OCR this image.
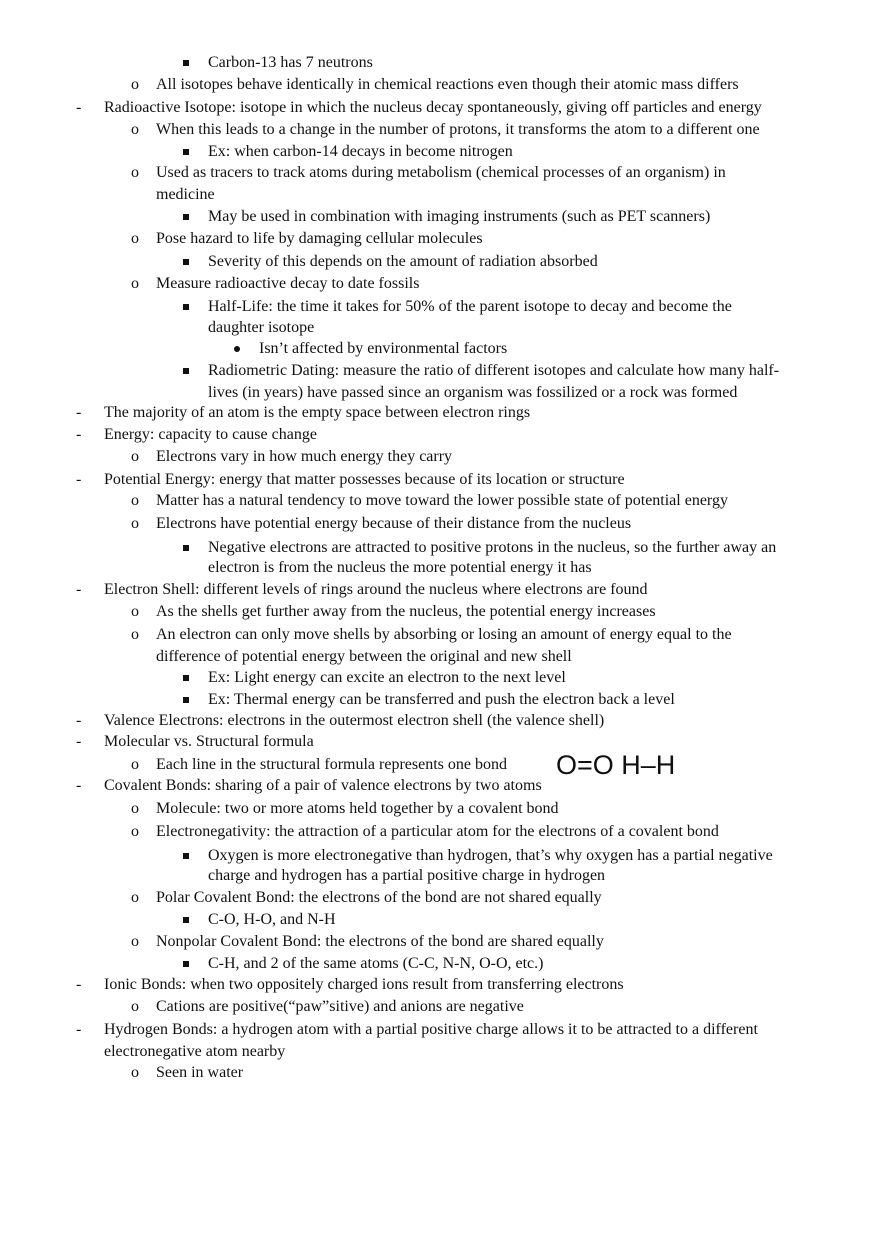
Carbon-13 has 7 neutrons
o All isotopes behave identically in chemical reactions even though their atomic mass differs
- Radioactive Isotope: isotope in which the nucleus decay spontaneously, giving off particles and energy
o When this leads to a change in the number of protons, it transforms the atom to a different one
Ex: when carbon-14 decays in become nitrogen
o Used as tracers to track atoms during metabolism (chemical processes of an organism) in
medicine
May be used in combination with imaging instruments (such as PET scanners)
o Pose hazard to life by damaging cellular molecules
Severity of this depends on the amount of radiation absorbed
o Measure radioactive decay to date fossils
Half-Life: the time it takes for 50% of the parent isotope to decay and become the
daughter isotope
Isn’t affected by environmental factors
Radiometric Dating: measure the ratio of different isotopes and calculate how many half-
lives (in years) have passed since an organism was fossilized or a rock was formed
- The majority of an atom is the empty space between electron rings
- Energy: capacity to cause change
o Electrons vary in how much energy they carry
- Potential Energy: energy that matter possesses because of its location or structure
o Matter has a natural tendency to move toward the lower possible state of potential energy
o Electrons have potential energy because of their distance from the nucleus
Negative electrons are attracted to positive protons in the nucleus, so the further away an
electron is from the nucleus the more potential energy it has
- Electron Shell: different levels of rings around the nucleus where electrons are found
o As the shells get further away from the nucleus, the potential energy increases
o An electron can only move shells by absorbing or losing an amount of energy equal to the
difference of potential energy between the original and new shell
Ex: Light energy can excite an electron to the next level
Ex: Thermal energy can be transferred and push the electron back a level
- Valence Electrons: electrons in the outermost electron shell (the valence shell)
- Molecular vs. Structural formula
o Each line in the structural formula represents one bond O=O H–H
- Covalent Bonds: sharing of a pair of valence electrons by two atoms
o Molecule: two or more atoms held together by a covalent bond
o Electronegativity: the attraction of a particular atom for the electrons of a covalent bond
Oxygen is more electronegative than hydrogen, that’s why oxygen has a partial negative
charge and hydrogen has a partial positive charge in hydrogen
o Polar Covalent Bond: the electrons of the bond are not shared equally
C-O, H-O, and N-H
o Nonpolar Covalent Bond: the electrons of the bond are shared equally
C-H, and 2 of the same atoms (C-C, N-N, O-O, etc.)
- Ionic Bonds: when two oppositely charged ions result from transferring electrons
o Cations are positive(“paw”sitive) and anions are negative
- Hydrogen Bonds: a hydrogen atom with a partial positive charge allows it to be attracted to a different
electronegative atom nearby
o Seen in water
